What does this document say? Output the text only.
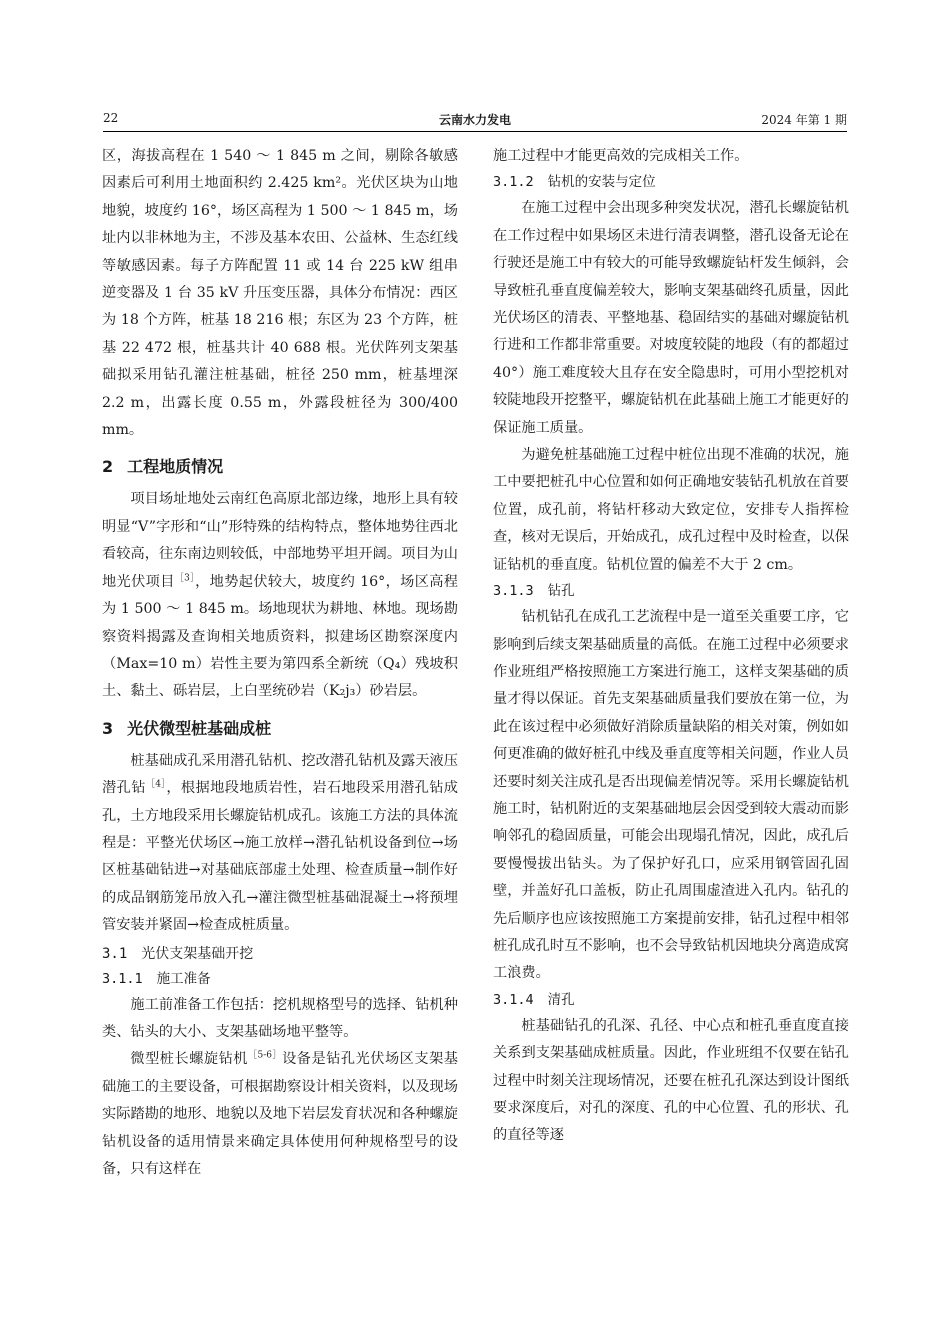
22	云南水力发电	2024 年第 1 期

区，海拔高程在 1 540 ～ 1 845 m 之间，剔除各敏感因素后可利用土地面积约 2.425 km²。光伏区块为山地地貌，坡度约 16°，场区高程为 1 500 ～ 1 845 m，场址内以非林地为主，不涉及基本农田、公益林、生态红线等敏感因素。每子方阵配置 11 或 14 台 225 kW 组串逆变器及 1 台 35 kV 升压变压器，具体分布情况：西区为 18 个方阵，桩基 18 216 根；东区为 23 个方阵，桩基 22 472 根，桩基共计 40 688 根。光伏阵列支架基础拟采用钻孔灌注桩基础，桩径 250 mm，桩基埋深 2.2 m，出露长度 0.55 m，外露段桩径为 300/400 mm。

2 工程地质情况

项目场址地处云南红色高原北部边缘，地形上具有较明显“V”字形和“山”形特殊的结构特点，整体地势往西北看较高，往东南边则较低，中部地势平坦开阔。项目为山地光伏项目$^{[3]}$，地势起伏较大，坡度约 16°，场区高程为 1 500 ～ 1 845 m。场地现状为耕地、林地。现场勘察资料揭露及查询相关地质资料，拟建场区勘察深度内（Max=10 m）岩性主要为第四系全新统（Q₄）残坡积土、黏土、砾岩层，上白垩统砂岩（K₂j₃）砂岩层。

3 光伏微型桩基础成桩

桩基础成孔采用潜孔钻机、挖改潜孔钻机及露天液压潜孔钻$^{[4]}$，根据地段地质岩性，岩石地段采用潜孔钻成孔，土方地段采用长螺旋钻机成孔。该施工方法的具体流程是：平整光伏场区→施工放样→潜孔钻机设备到位→场区桩基础钻进→对基础底部虚土处理、检查质量→制作好的成品钢筋笼吊放入孔→灌注微型桩基础混凝土→将预埋管安装并紧固→检查成桩质量。

3.1 光伏支架基础开挖
3.1.1 施工准备

施工前准备工作包括：挖机规格型号的选择、钻机种类、钻头的大小、支架基础场地平整等。

微型桩长螺旋钻机$^{[5-6]}$设备是钻孔光伏场区支架基础施工的主要设备，可根据勘察设计相关资料，以及现场实际踏勘的地形、地貌以及地下岩层发育状况和各种螺旋钻机设备的适用情景来确定具体使用何种规格型号的设备，只有这样在

施工过程中才能更高效的完成相关工作。

3.1.2 钻机的安装与定位

在施工过程中会出现多种突发状况，潜孔长螺旋钻机在工作过程中如果场区未进行清表调整，潜孔设备无论在行驶还是施工中有较大的可能导致螺旋钻杆发生倾斜，会导致桩孔垂直度偏差较大，影响支架基础终孔质量，因此光伏场区的清表、平整地基、稳固结实的基础对螺旋钻机行进和工作都非常重要。对坡度较陡的地段（有的都超过 40°）施工难度较大且存在安全隐患时，可用小型挖机对较陡地段开挖整平，螺旋钻机在此基础上施工才能更好的保证施工质量。

为避免桩基础施工过程中桩位出现不准确的状况，施工中要把桩孔中心位置和如何正确地安装钻孔机放在首要位置，成孔前，将钻杆移动大致定位，安排专人指挥检查，核对无误后，开始成孔，成孔过程中及时检查，以保证钻机的垂直度。钻机位置的偏差不大于 2 cm。

3.1.3 钻孔

钻机钻孔在成孔工艺流程中是一道至关重要工序，它影响到后续支架基础质量的高低。在施工过程中必须要求作业班组严格按照施工方案进行施工，这样支架基础的质量才得以保证。首先支架基础质量我们要放在第一位，为此在该过程中必须做好消除质量缺陷的相关对策，例如如何更准确的做好桩孔中线及垂直度等相关问题，作业人员还要时刻关注成孔是否出现偏差情况等。采用长螺旋钻机施工时，钻机附近的支架基础地层会因受到较大震动而影响邻孔的稳固质量，可能会出现塌孔情况，因此，成孔后要慢慢拔出钻头。为了保护好孔口，应采用钢管固孔固壁，并盖好孔口盖板，防止孔周围虚渣进入孔内。钻孔的先后顺序也应该按照施工方案提前安排，钻孔过程中相邻桩孔成孔时互不影响，也不会导致钻机因地块分离造成窝工浪费。

3.1.4 清孔

桩基础钻孔的孔深、孔径、中心点和桩孔垂直度直接关系到支架基础成桩质量。因此，作业班组不仅要在钻孔过程中时刻关注现场情况，还要在桩孔孔深达到设计图纸要求深度后，对孔的深度、孔的中心位置、孔的形状、孔的直径等逐
